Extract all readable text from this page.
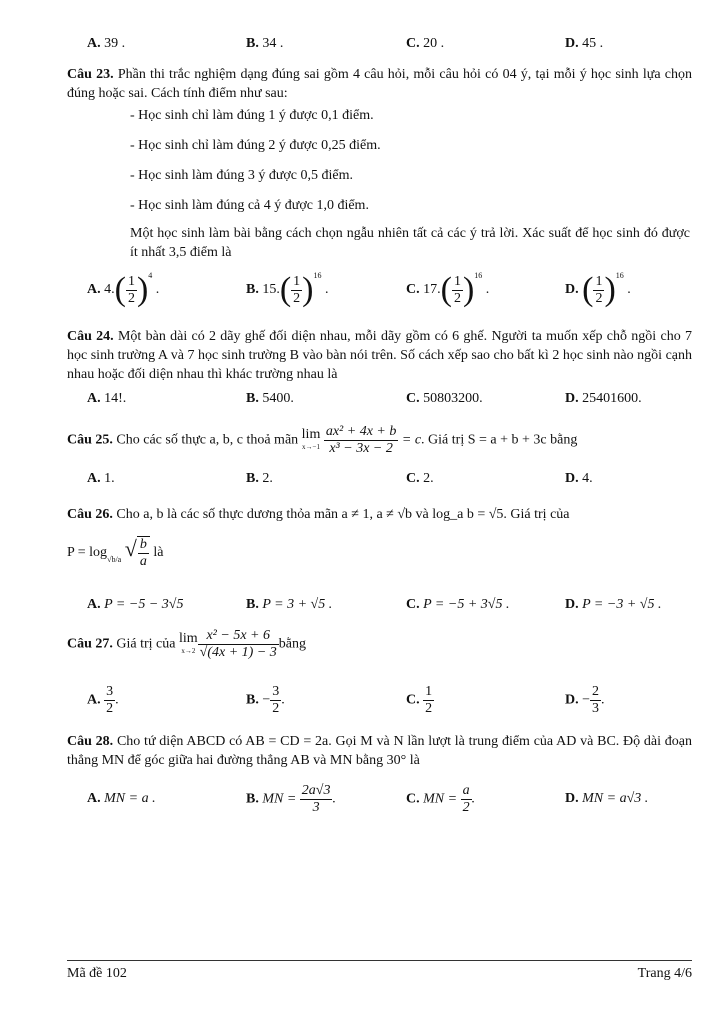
A. 39 .	B. 34 .	C. 20 .	D. 45 .
Câu 23. Phần thi trắc nghiệm dạng đúng sai gồm 4 câu hỏi, mỗi câu hỏi có 04 ý, tại mỗi ý học sinh lựa chọn đúng hoặc sai. Cách tính điểm như sau:
- Học sinh chỉ làm đúng 1 ý được 0,1 điểm.
- Học sinh chỉ làm đúng 2 ý được 0,25 điểm.
- Học sinh làm đúng 3 ý được 0,5 điểm.
- Học sinh làm đúng cả 4 ý được 1,0 điểm.
Một học sinh làm bài bằng cách chọn ngẫu nhiên tất cả các ý trả lời. Xác suất để học sinh đó được ít nhất 3,5 điểm là
A. $4.( \frac{1}{2} )^4$ .	B. $15.( \frac{1}{2} )^{16}$ .	C. $17.( \frac{1}{2} )^{16}$ .	D. ( $\frac{1}{2} )^{16}$ .
Câu 24. Một bàn dài có 2 dãy ghế đối diện nhau, mỗi dãy gồm có 6 ghế. Người ta muốn xếp chỗ ngồi cho 7 học sinh trường A và 7 học sinh trường B vào bàn nói trên. Số cách xếp sao cho bất kì 2 học sinh nào ngồi cạnh nhau hoặc đối diện nhau thì khác trường nhau là
A. 14!.	B. 5400.	C. 50803200.	D. 25401600.
Câu 25. Cho các số thực a, b, c thoả mãn lim
x→−1
$\frac{\text{ax² + 4x + b}}{\text{x³ − 3x − 2}} = c$. Giá trị S = a + b + 3c bằng
A. 1.	B. 2.	C. 2.	D. 4.
Câu 26. Cho a, b là các số thực dương thỏa mãn a ≠ 1, a ≠ √b và log_a b = √5. Giá trị của
$P = \log_{√b/a}$ √ $\frac{b}{a}$ là
A. P = −5 − 3√5	B. P = 3 + √5 .	C. P = −5 + 3√5 .	D. P = −3 + √5 .
Câu 27. Giá trị của lim
$x\to 2 \frac{\text{x² − 5x + 6}}{√(4x + 1) - 3}$ bằng
A. $\frac{3}{2}$ .	B. − $\frac{3}{2}$ .	C. $\frac{1}{2}$	D. − $\frac{2}{3}$ .
Câu 28. Cho tứ diện ABCD có AB = CD = 2a. Gọi M và N lần lượt là trung điểm của AD và BC. Độ dài đoạn thẳng MN để góc giữa hai đường thẳng AB và MN bằng 30° là
A. MN = a .	B. MN = $\frac{2a√3}{3}$ .	C. MN = $\frac{a}{2}$ .	D. MN = a√3 .
Mã đề 102	Trang 4/6
